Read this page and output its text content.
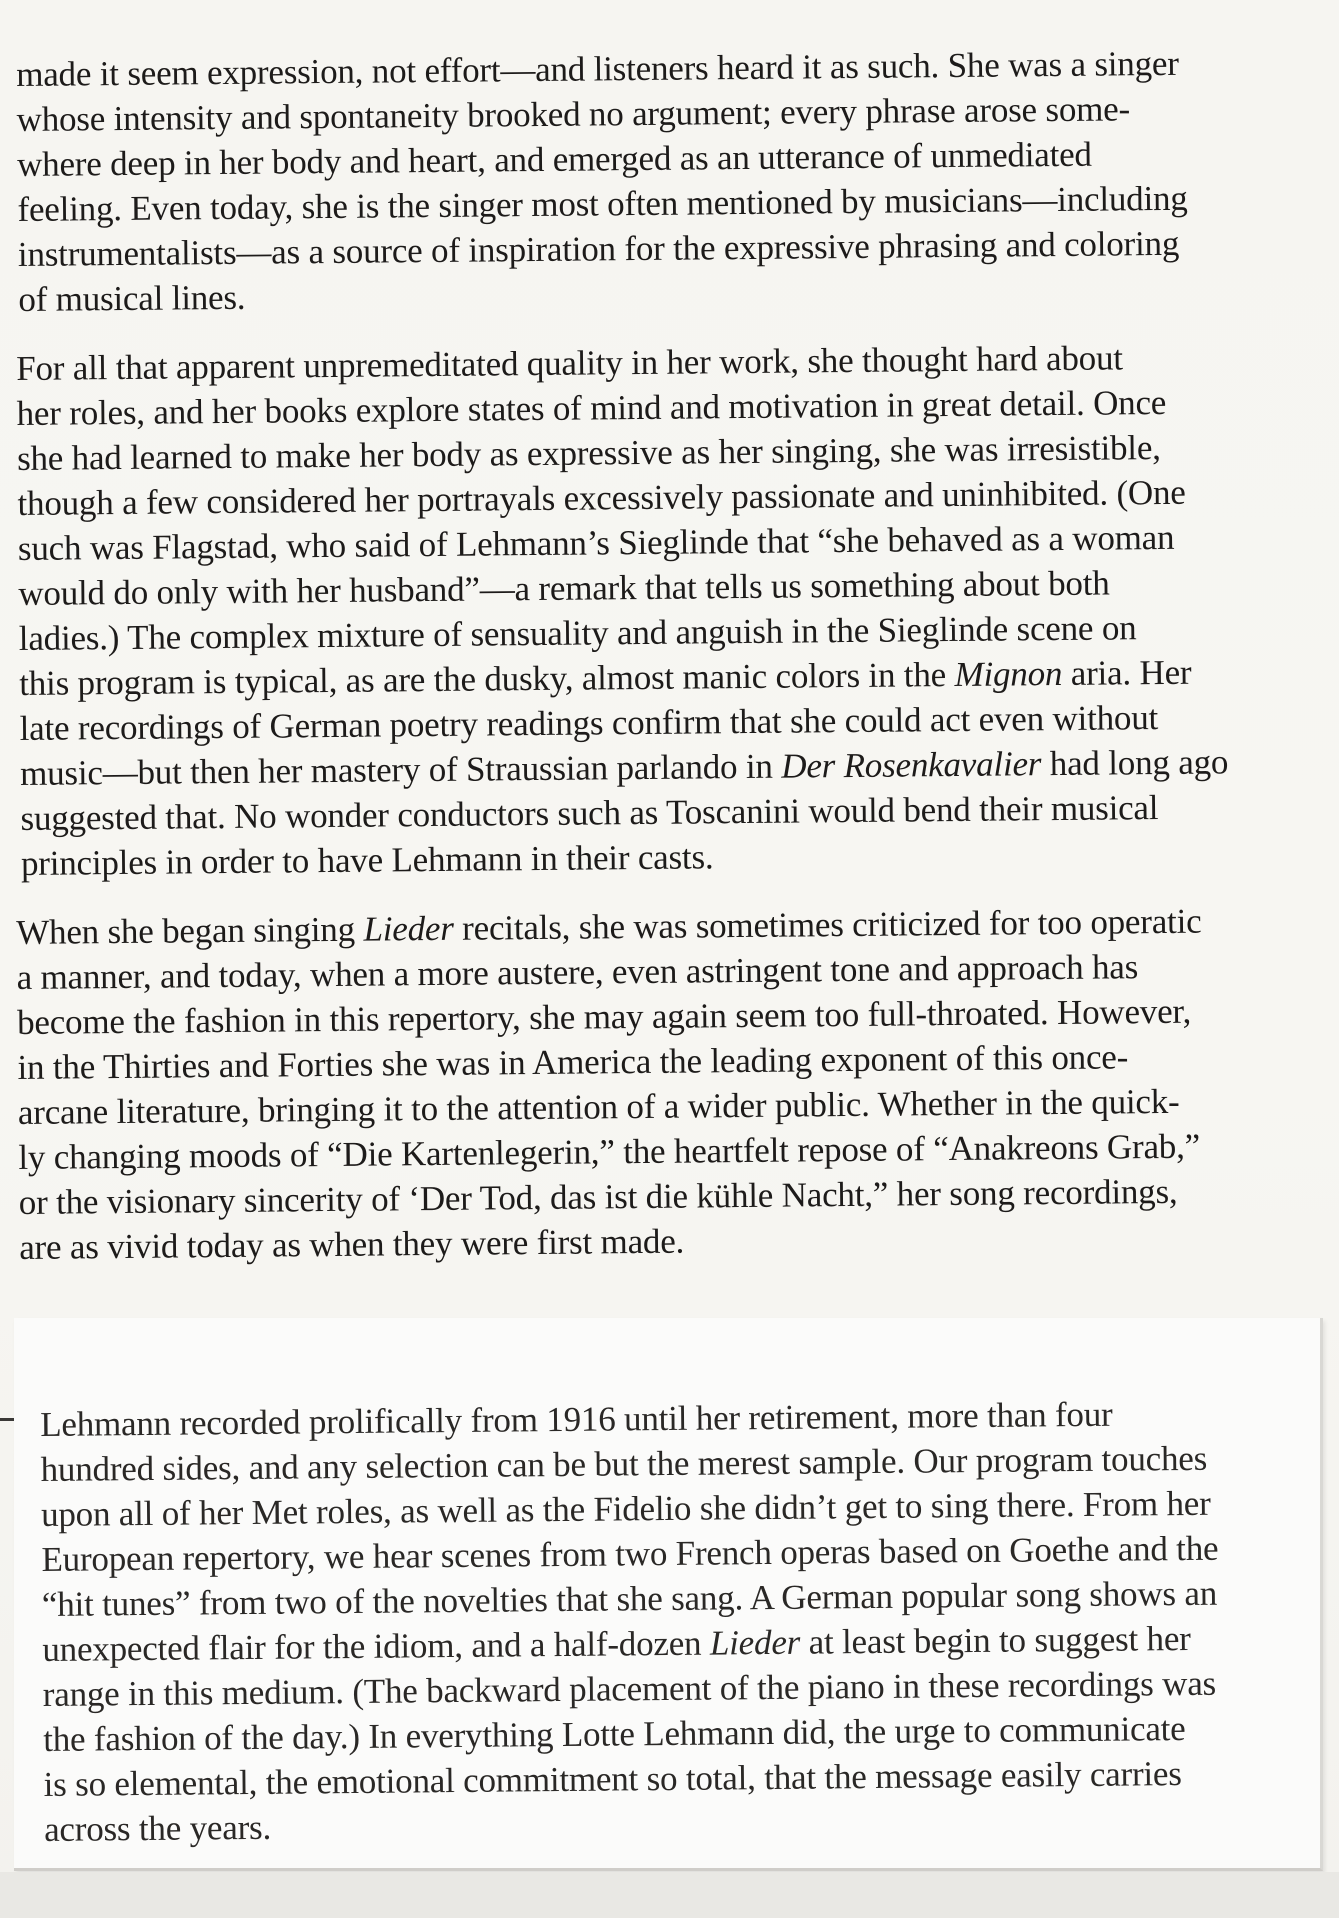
made it seem expression, not effort—and listeners heard it as such. She was a singer
whose intensity and spontaneity brooked no argument; every phrase arose some-
where deep in her body and heart, and emerged as an utterance of unmediated
feeling. Even today, she is the singer most often mentioned by musicians—including
instrumentalists—as a source of inspiration for the expressive phrasing and coloring
of musical lines.

For all that apparent unpremeditated quality in her work, she thought hard about
her roles, and her books explore states of mind and motivation in great detail. Once
she had learned to make her body as expressive as her singing, she was irresistible,
though a few considered her portrayals excessively passionate and uninhibited. (One
such was Flagstad, who said of Lehmann’s Sieglinde that “she behaved as a woman
would do only with her husband”—a remark that tells us something about both
ladies.) The complex mixture of sensuality and anguish in the Sieglinde scene on
this program is typical, as are the dusky, almost manic colors in the Mignon aria. Her
late recordings of German poetry readings confirm that she could act even without
music—but then her mastery of Straussian parlando in Der Rosenkavalier had long ago
suggested that. No wonder conductors such as Toscanini would bend their musical
principles in order to have Lehmann in their casts.

When she began singing Lieder recitals, she was sometimes criticized for too operatic
a manner, and today, when a more austere, even astringent tone and approach has
become the fashion in this repertory, she may again seem too full-throated. However,
in the Thirties and Forties she was in America the leading exponent of this once-
arcane literature, bringing it to the attention of a wider public. Whether in the quick-
ly changing moods of “Die Kartenlegerin,” the heartfelt repose of “Anakreons Grab,”
or the visionary sincerity of ‘Der Tod, das ist die kühle Nacht,” her song recordings,
are as vivid today as when they were first made.

Lehmann recorded prolifically from 1916 until her retirement, more than four
hundred sides, and any selection can be but the merest sample. Our program touches
upon all of her Met roles, as well as the Fidelio she didn’t get to sing there. From her
European repertory, we hear scenes from two French operas based on Goethe and the
“hit tunes” from two of the novelties that she sang. A German popular song shows an
unexpected flair for the idiom, and a half-dozen Lieder at least begin to suggest her
range in this medium. (The backward placement of the piano in these recordings was
the fashion of the day.) In everything Lotte Lehmann did, the urge to communicate
is so elemental, the emotional commitment so total, that the message easily carries
across the years.
